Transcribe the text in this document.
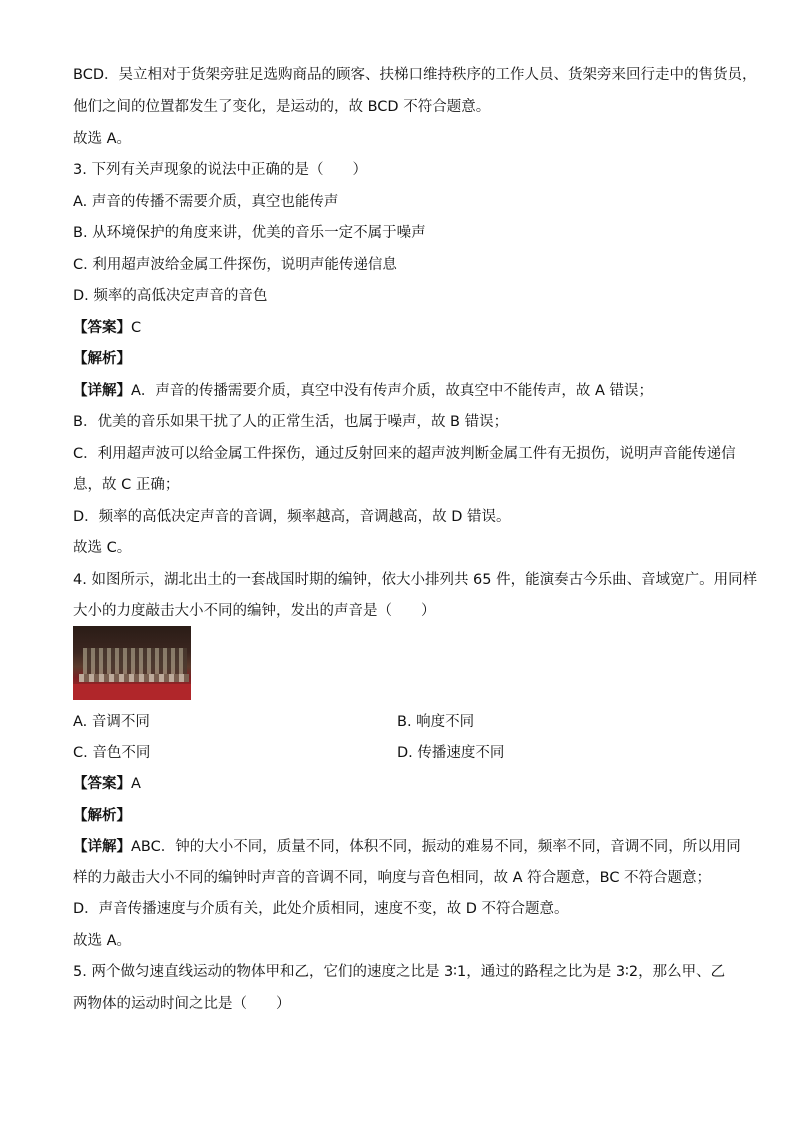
BCD．吴立相对于货架旁驻足选购商品的顾客、扶梯口维持秩序的工作人员、货架旁来回行走中的售货员，
他们之间的位置都发生了变化，是运动的，故 BCD 不符合题意。
故选 A。
3. 下列有关声现象的说法中正确的是（　　）
A. 声音的传播不需要介质，真空也能传声
B. 从环境保护的角度来讲，优美的音乐一定不属于噪声
C. 利用超声波给金属工件探伤，说明声能传递信息
D. 频率的高低决定声音的音色
【答案】C
【解析】
【详解】A．声音的传播需要介质，真空中没有传声介质，故真空中不能传声，故 A 错误；
B．优美的音乐如果干扰了人的正常生活，也属于噪声，故 B 错误；
C．利用超声波可以给金属工件探伤，通过反射回来的超声波判断金属工件有无损伤，说明声音能传递信
息，故 C 正确；
D．频率的高低决定声音的音调，频率越高，音调越高，故 D 错误。
故选 C。
4. 如图所示，湖北出土的一套战国时期的编钟，依大小排列共 65 件，能演奏古今乐曲、音域宽广。用同样
大小的力度敲击大小不同的编钟，发出的声音是（　　）
A. 音调不同	B. 响度不同
C. 音色不同	D. 传播速度不同
【答案】A
【解析】
【详解】ABC．钟的大小不同，质量不同，体积不同，振动的难易不同，频率不同，音调不同，所以用同
样的力敲击大小不同的编钟时声音的音调不同，响度与音色相同，故 A 符合题意，BC 不符合题意；
D．声音传播速度与介质有关，此处介质相同，速度不变，故 D 不符合题意。
故选 A。
5. 两个做匀速直线运动的物体甲和乙，它们的速度之比是 3∶1，通过的路程之比为是 3∶2，那么甲、乙
两物体的运动时间之比是（　　）
